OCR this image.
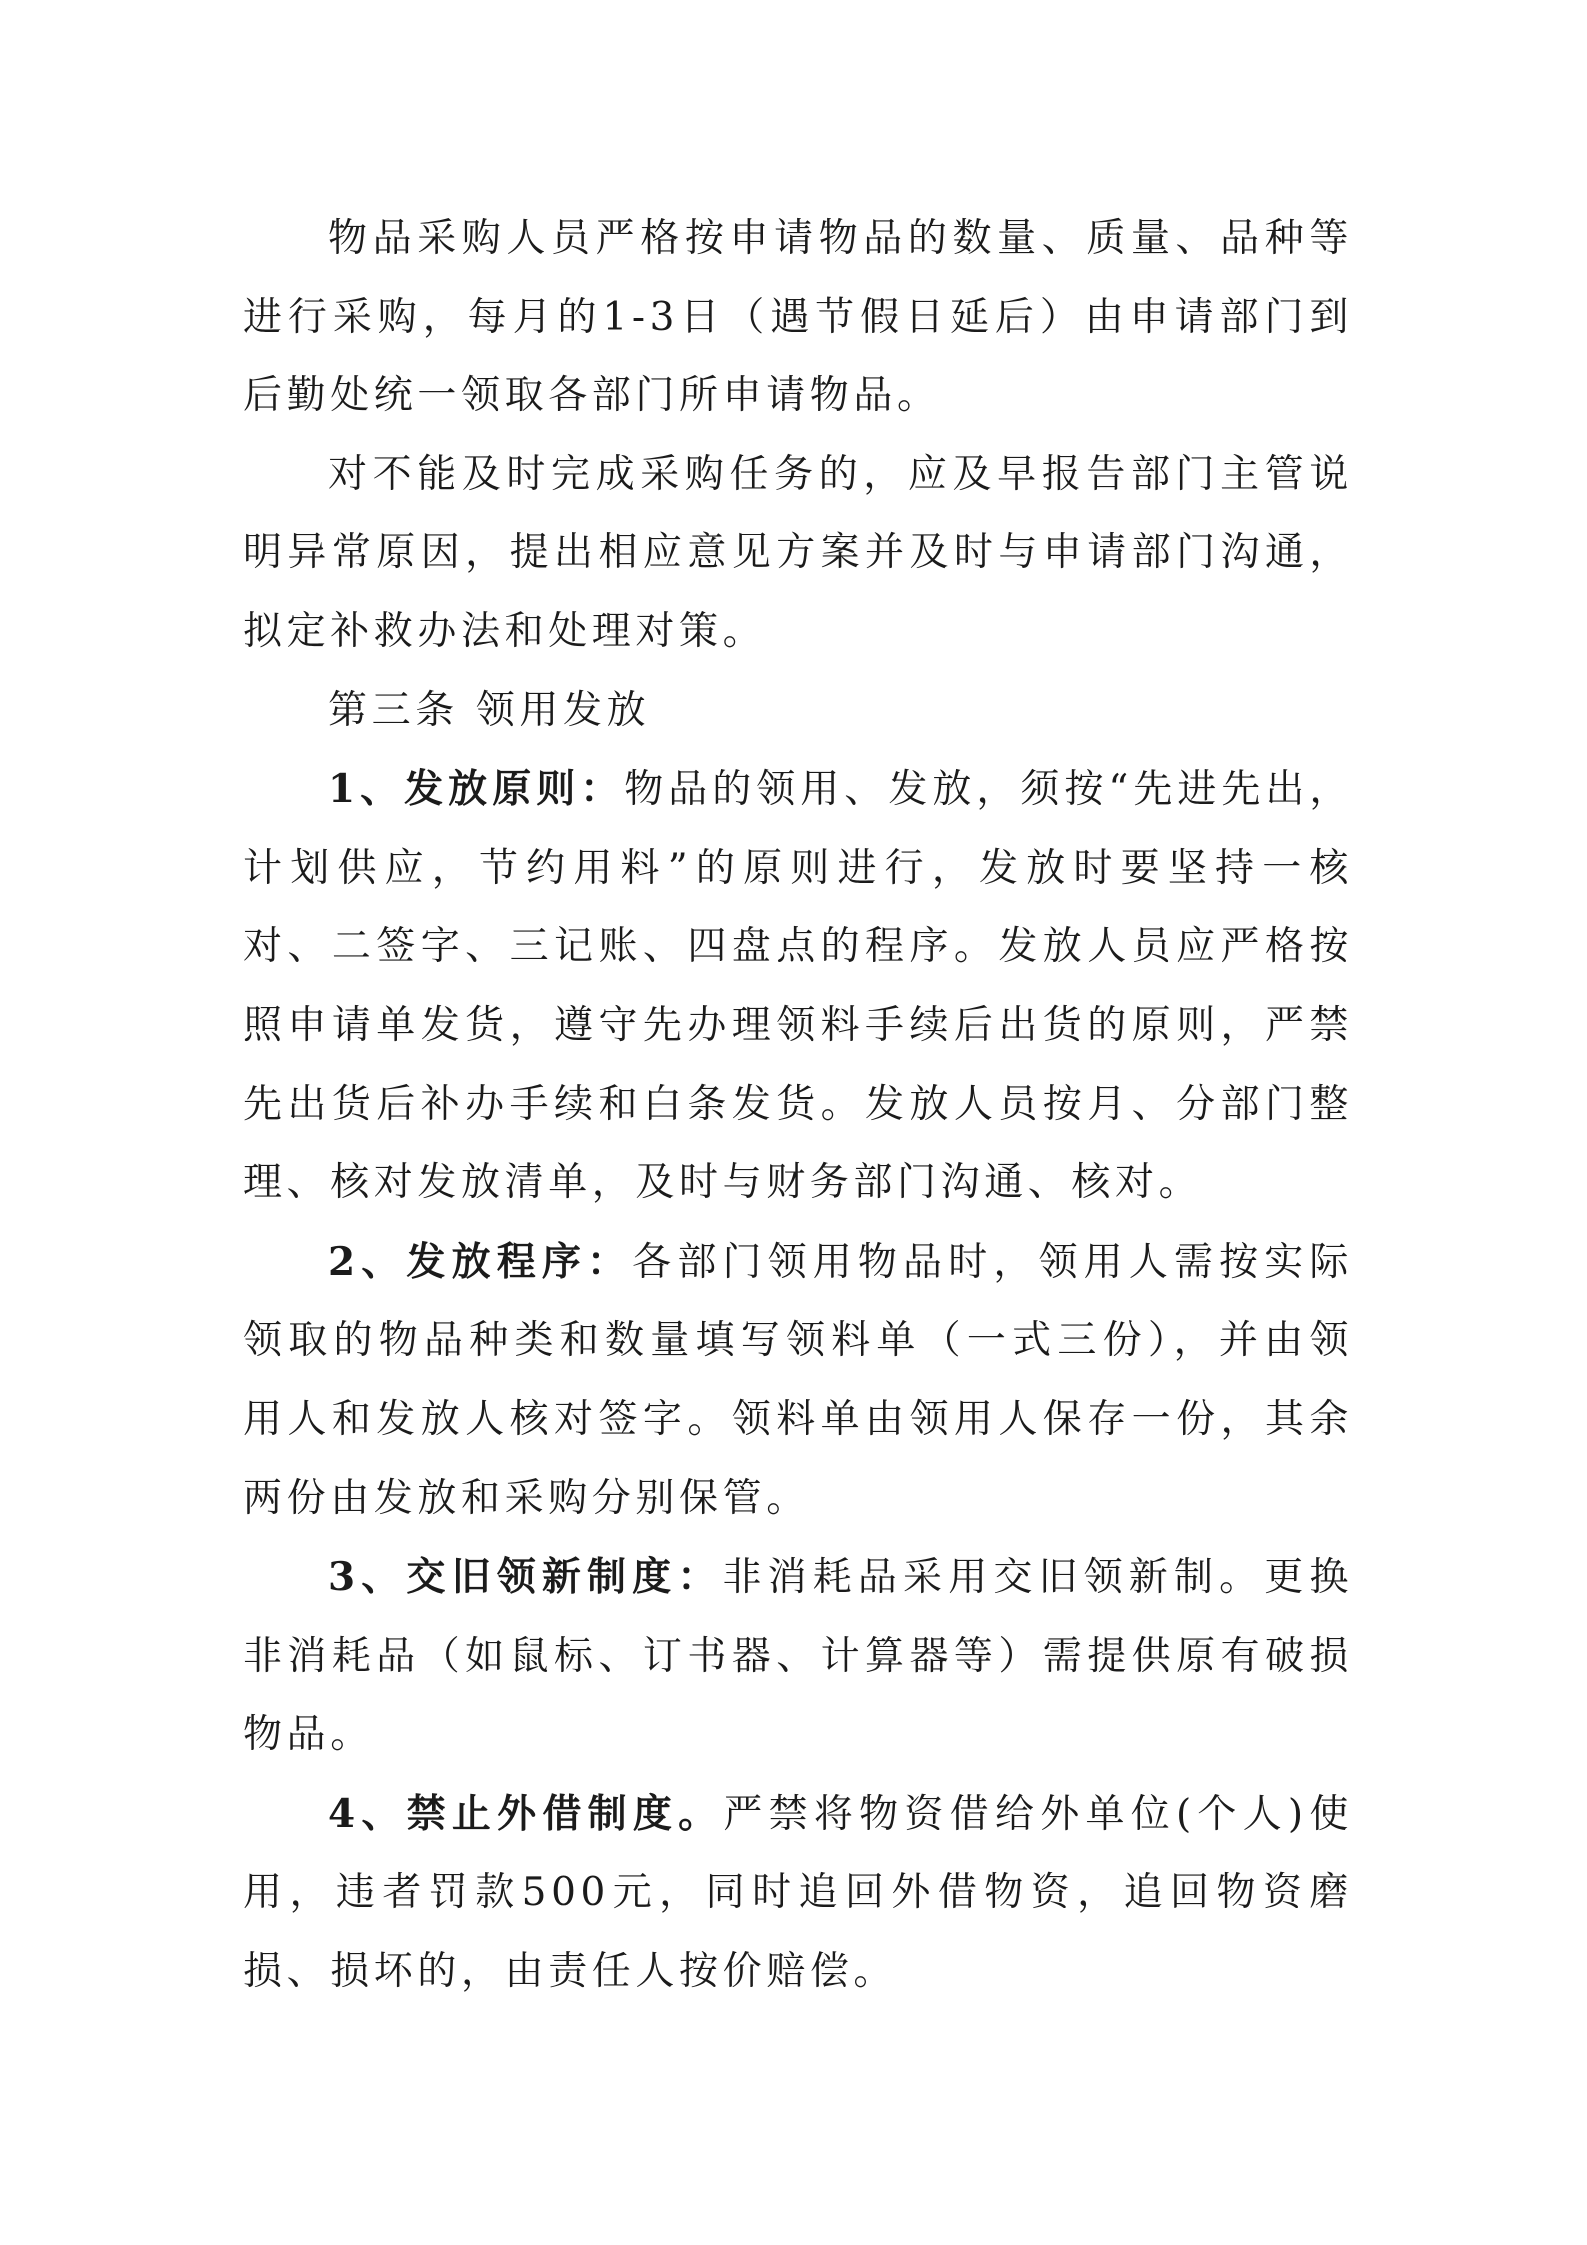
物品采购人员严格按申请物品的数量、质量、品种等进行采购，每月的1-3日（遇节假日延后）由申请部门到后勤处统一领取各部门所申请物品。

对不能及时完成采购任务的，应及早报告部门主管说明异常原因，提出相应意见方案并及时与申请部门沟通，拟定补救办法和处理对策。

第三条 领用发放

1、发放原则：物品的领用、发放，须按“先进先出，计划供应，节约用料”的原则进行，发放时要坚持一核对、二签字、三记账、四盘点的程序。发放人员应严格按照申请单发货，遵守先办理领料手续后出货的原则，严禁先出货后补办手续和白条发货。发放人员按月、分部门整理、核对发放清单，及时与财务部门沟通、核对。

2、发放程序：各部门领用物品时，领用人需按实际领取的物品种类和数量填写领料单（一式三份），并由领用人和发放人核对签字。领料单由领用人保存一份，其余两份由发放和采购分别保管。

3、交旧领新制度：非消耗品采用交旧领新制。更换非消耗品（如鼠标、订书器、计算器等）需提供原有破损物品。

4、禁止外借制度。严禁将物资借给外单位(个人)使用，违者罚款500元，同时追回外借物资，追回物资磨损、损坏的，由责任人按价赔偿。
